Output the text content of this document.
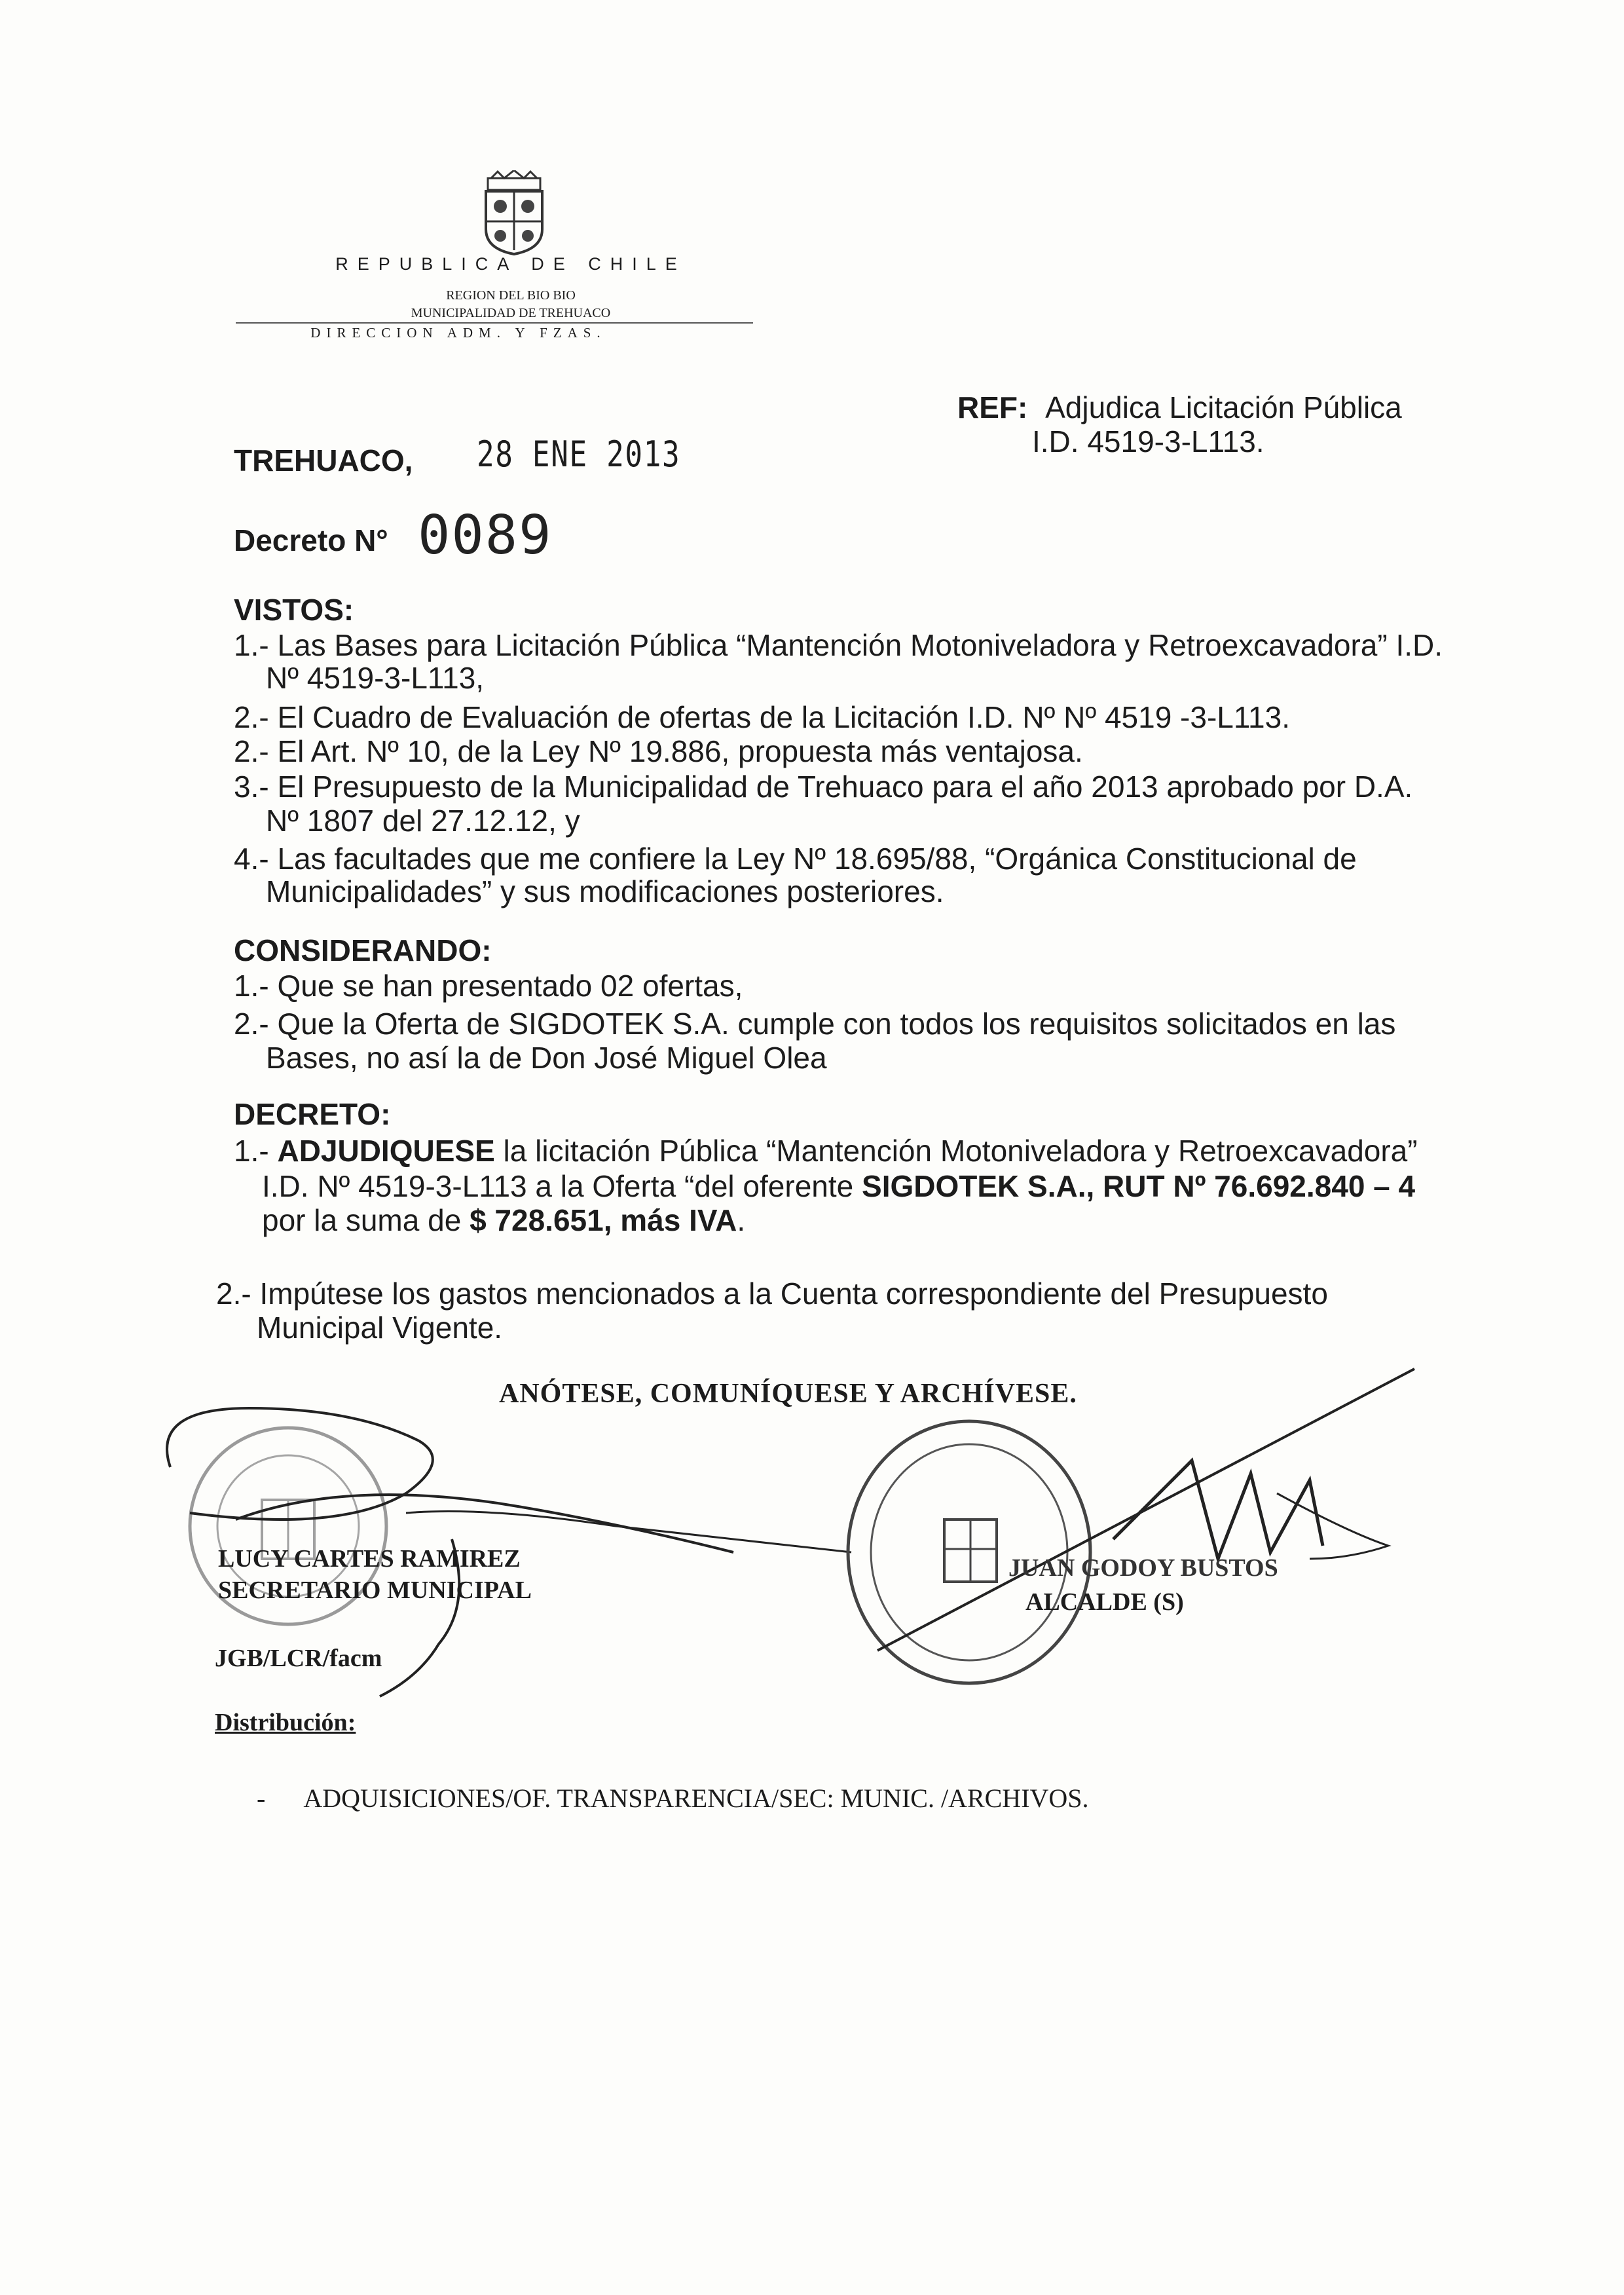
REPUBLICA DE CHILE
REGION DEL BIO BIO
MUNICIPALIDAD DE TREHUACO
DIRECCION ADM. Y FZAS.
REF: Adjudica Licitación Pública
I.D. 4519-3-L113.
TREHUACO, 28 ENE 2013
Decreto N° 0089
VISTOS:
1.- Las Bases para Licitación Pública “Mantención Motoniveladora y Retroexcavadora” I.D.
Nº 4519-3-L113,
2.- El Cuadro de Evaluación de ofertas de la Licitación I.D. Nº Nº 4519 -3-L113.
2.- El Art. Nº 10, de la Ley Nº 19.886, propuesta más ventajosa.
3.- El Presupuesto de la Municipalidad de Trehuaco para el año 2013 aprobado por D.A.
Nº 1807 del 27.12.12, y
4.- Las facultades que me confiere la Ley Nº 18.695/88, “Orgánica Constitucional de
Municipalidades” y sus modificaciones posteriores.
CONSIDERANDO:
1.- Que se han presentado 02 ofertas,
2.- Que la Oferta de SIGDOTEK S.A. cumple con todos los requisitos solicitados en las
Bases, no así la de Don José Miguel Olea
DECRETO:
1.- ADJUDIQUESE la licitación Pública “Mantención Motoniveladora y Retroexcavadora”
I.D. Nº 4519-3-L113 a la Oferta “del oferente SIGDOTEK S.A., RUT Nº 76.692.840 – 4
por la suma de $ 728.651, más IVA.
2.- Impútese los gastos mencionados a la Cuenta correspondiente del Presupuesto
Municipal Vigente.
ANÓTESE, COMUNÍQUESE Y ARCHÍVESE.
LUCY CARTES RAMIREZ
SECRETARIO MUNICIPAL
JUAN GODOY BUSTOS
ALCALDE (S)
JGB/LCR/facm
Distribución:
- ADQUISICIONES/OF. TRANSPARENCIA/SEC: MUNIC. /ARCHIVOS.
